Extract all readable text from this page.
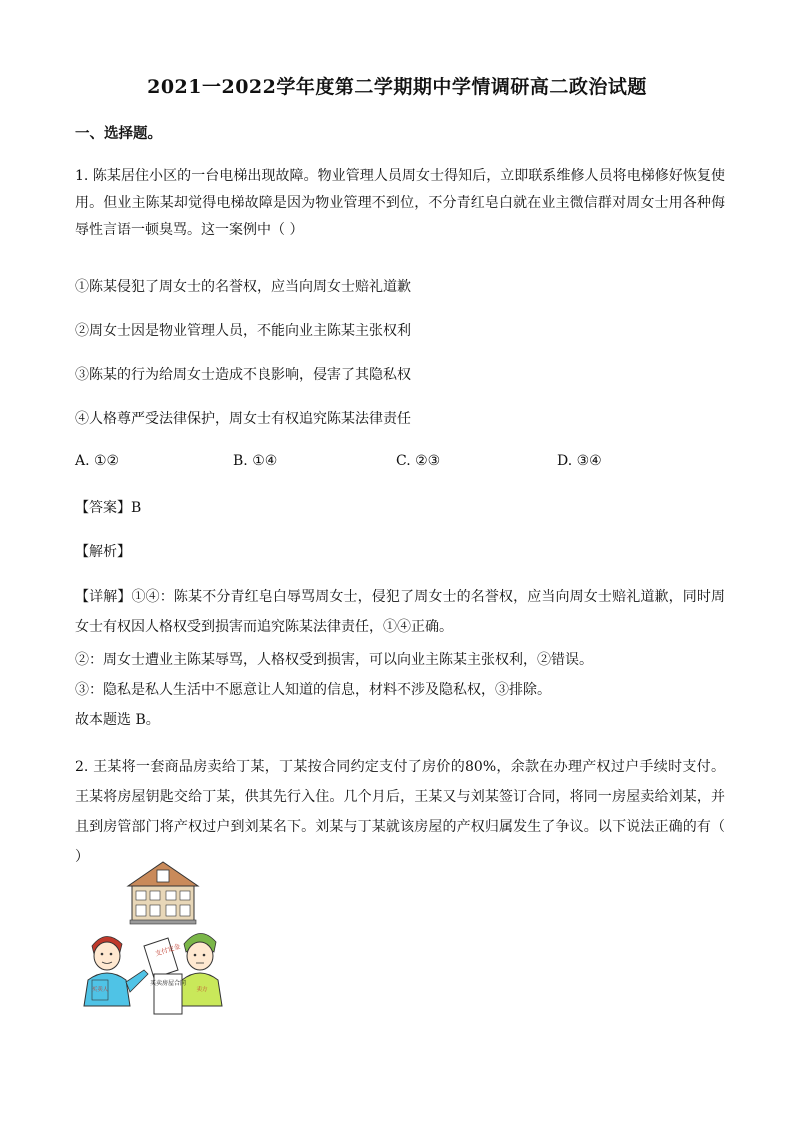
2021一2022学年度第二学期期中学情调研高二政治试题
一、选择题。
1. 陈某居住小区的一台电梯出现故障。物业管理人员周女士得知后，立即联系维修人员将电梯修好恢复使用。但业主陈某却觉得电梯故障是因为物业管理不到位，不分青红皂白就在业主微信群对周女士用各种侮辱性言语一顿臭骂。这一案例中（ ）
①陈某侵犯了周女士的名誉权，应当向周女士赔礼道歉
②周女士因是物业管理人员，不能向业主陈某主张权利
③陈某的行为给周女士造成不良影响，侵害了其隐私权
④人格尊严受法律保护，周女士有权追究陈某法律责任
A. ①②	B. ①④	C. ②③	D. ③④
【答案】B
【解析】
【详解】①④：陈某不分青红皂白辱骂周女士，侵犯了周女士的名誉权，应当向周女士赔礼道歉，同时周女士有权因人格权受到损害而追究陈某法律责任，①④正确。
②：周女士遭业主陈某辱骂，人格权受到损害，可以向业主陈某主张权利，②错误。
③：隐私是私人生活中不愿意让人知道的信息，材料不涉及隐私权，③排除。
故本题选 B。
2. 王某将一套商品房卖给丁某，丁某按合同约定支付了房价的80%，余款在办理产权过户手续时支付。王某将房屋钥匙交给丁某，供其先行入住。几个月后，王某又与刘某签订合同，将同一房屋卖给刘某，并且到房管部门将产权过户到刘某名下。刘某与丁某就该房屋的产权归属发生了争议。以下说法正确的有（ ）
支付定金
买卖房屋合同
买卖人	卖方
